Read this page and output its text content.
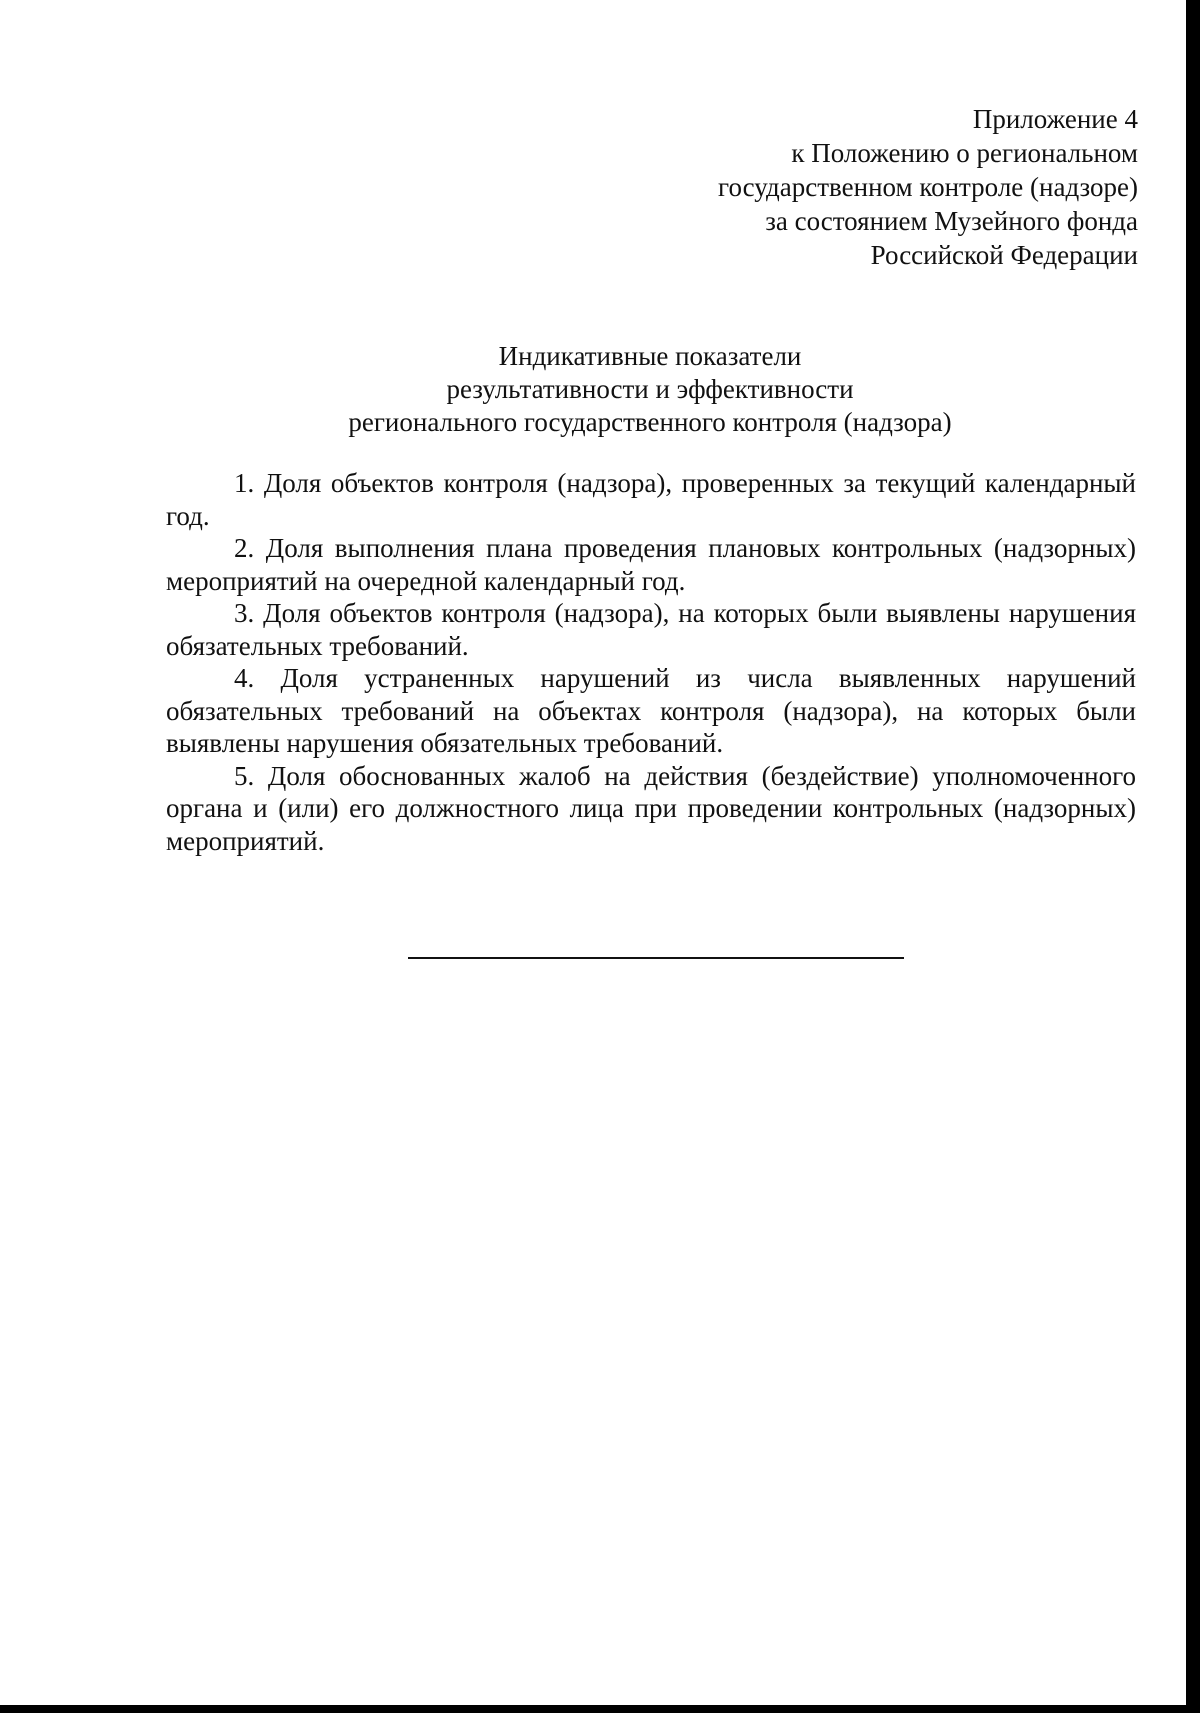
Приложение 4
к Положению о региональном
государственном контроле (надзоре)
за состоянием Музейного фонда
Российской Федерации
Индикативные показатели
результативности и эффективности
регионального государственного контроля (надзора)

1. Доля объектов контроля (надзора), проверенных за текущий календарный год.

2. Доля выполнения плана проведения плановых контрольных (надзорных) мероприятий на очередной календарный год.

3. Доля объектов контроля (надзора), на которых были выявлены нарушения обязательных требований.

4. Доля устраненных нарушений из числа выявленных нарушений обязательных требований на объектах контроля (надзора), на которых были выявлены нарушения обязательных требований.

5. Доля обоснованных жалоб на действия (бездействие) уполномоченного органа и (или) его должностного лица при проведении контрольных (надзорных) мероприятий.
